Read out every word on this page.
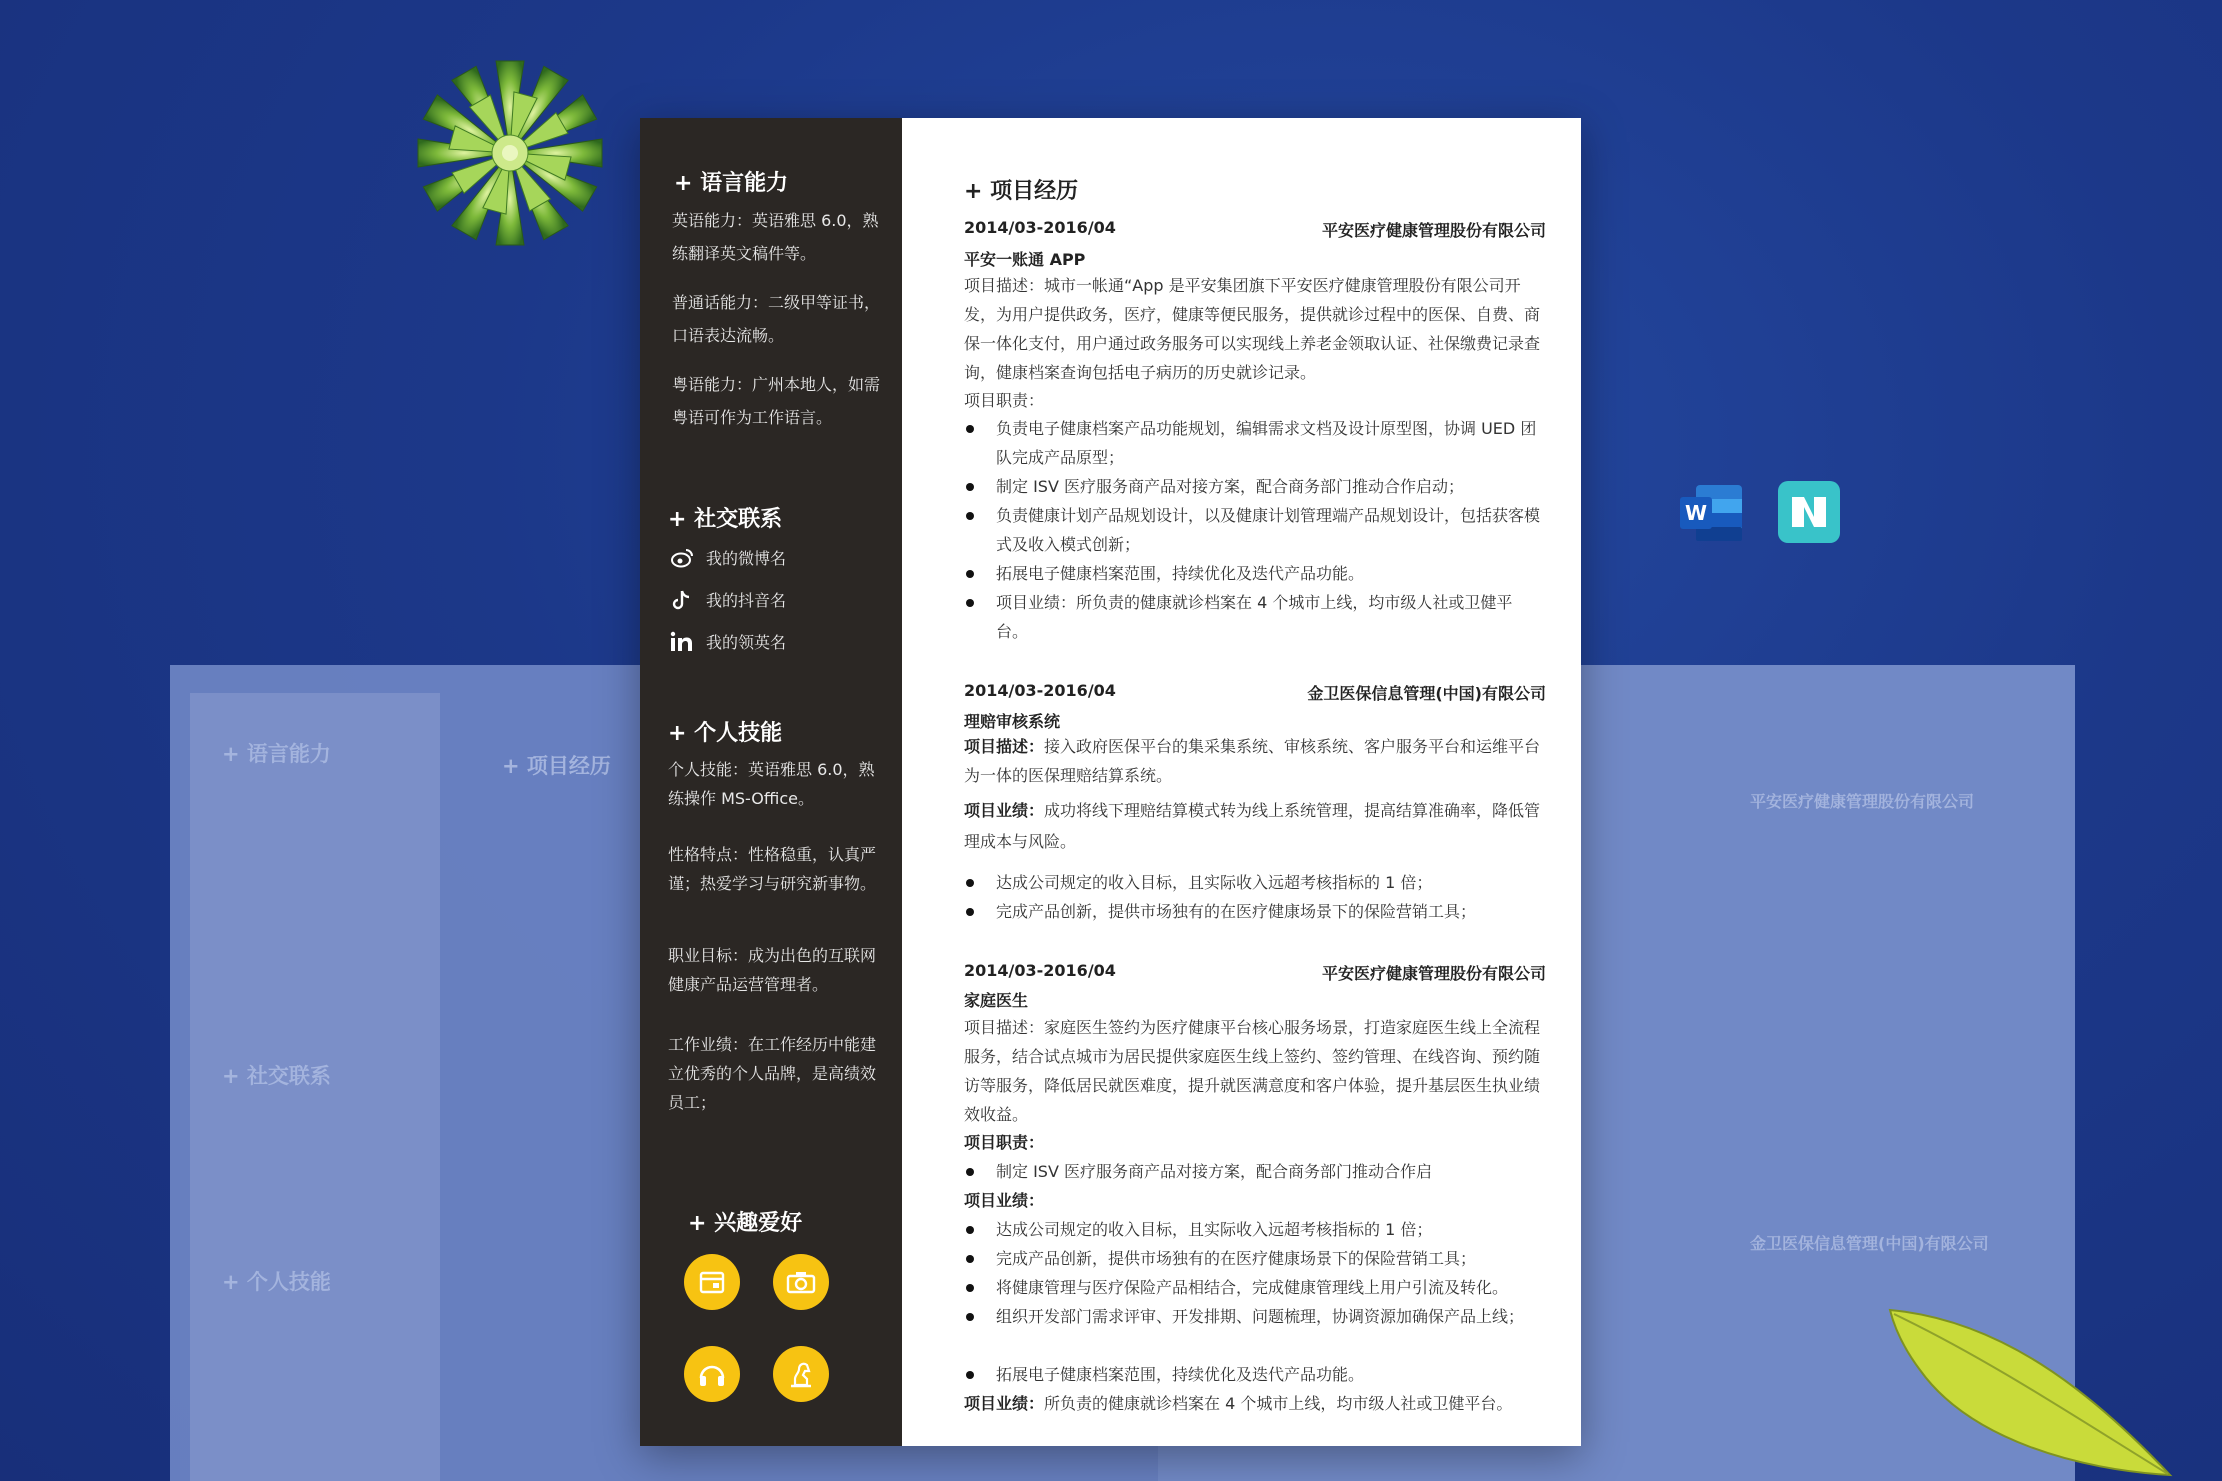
+ 语言能力
+ 社交联系
+ 个人技能
+ 项目经历
平安医疗健康管理股份有限公司
金卫医保信息管理(中国)有限公司
W
+ 语言能力
英语能力：英语雅思 6.0，熟练翻译英文稿件等。
普通话能力：二级甲等证书，口语表达流畅。
粤语能力：广州本地人，如需粤语可作为工作语言。
+ 社交联系
我的微博名
我的抖音名
我的领英名
+ 个人技能
个人技能：英语雅思 6.0，熟练操作 MS-Office。
性格特点：性格稳重，认真严谨；热爱学习与研究新事物。
职业目标：成为出色的互联网健康产品运营管理者。
工作业绩：在工作经历中能建立优秀的个人品牌，是高绩效员工；
+ 兴趣爱好
+ 项目经历
2014/03-2016/04	平安医疗健康管理股份有限公司
平安一账通 APP
项目描述：城市一帐通“App 是平安集团旗下平安医疗健康管理股份有限公司开发，为用户提供政务，医疗，健康等便民服务，提供就诊过程中的医保、自费、商保一体化支付，用户通过政务服务可以实现线上养老金领取认证、社保缴费记录查询，健康档案查询包括电子病历的历史就诊记录。
项目职责：
负责电子健康档案产品功能规划，编辑需求文档及设计原型图，协调 UED 团队完成产品原型；
制定 ISV 医疗服务商产品对接方案，配合商务部门推动合作启动；
负责健康计划产品规划设计，以及健康计划管理端产品规划设计，包括获客模式及收入模式创新；
拓展电子健康档案范围，持续优化及迭代产品功能。
项目业绩：所负责的健康就诊档案在 4 个城市上线，均市级人社或卫健平台。
2014/03-2016/04	金卫医保信息管理(中国)有限公司
理赔审核系统
项目描述：接入政府医保平台的集采集系统、审核系统、客户服务平台和运维平台为一体的医保理赔结算系统。
项目业绩：成功将线下理赔结算模式转为线上系统管理，提高结算准确率，降低管理成本与风险。
达成公司规定的收入目标，且实际收入远超考核指标的 1 倍；
完成产品创新，提供市场独有的在医疗健康场景下的保险营销工具；
2014/03-2016/04	平安医疗健康管理股份有限公司
家庭医生
项目描述：家庭医生签约为医疗健康平台核心服务场景，打造家庭医生线上全流程服务，结合试点城市为居民提供家庭医生线上签约、签约管理、在线咨询、预约随访等服务，降低居民就医难度，提升就医满意度和客户体验，提升基层医生执业绩效收益。
项目职责：
制定 ISV 医疗服务商产品对接方案，配合商务部门推动合作启
项目业绩：
达成公司规定的收入目标，且实际收入远超考核指标的 1 倍；
完成产品创新，提供市场独有的在医疗健康场景下的保险营销工具；
将健康管理与医疗保险产品相结合，完成健康管理线上用户引流及转化。
组织开发部门需求评审、开发排期、问题梳理，协调资源加确保产品上线；
拓展电子健康档案范围，持续优化及迭代产品功能。
项目业绩：所负责的健康就诊档案在 4 个城市上线，均市级人社或卫健平台。
